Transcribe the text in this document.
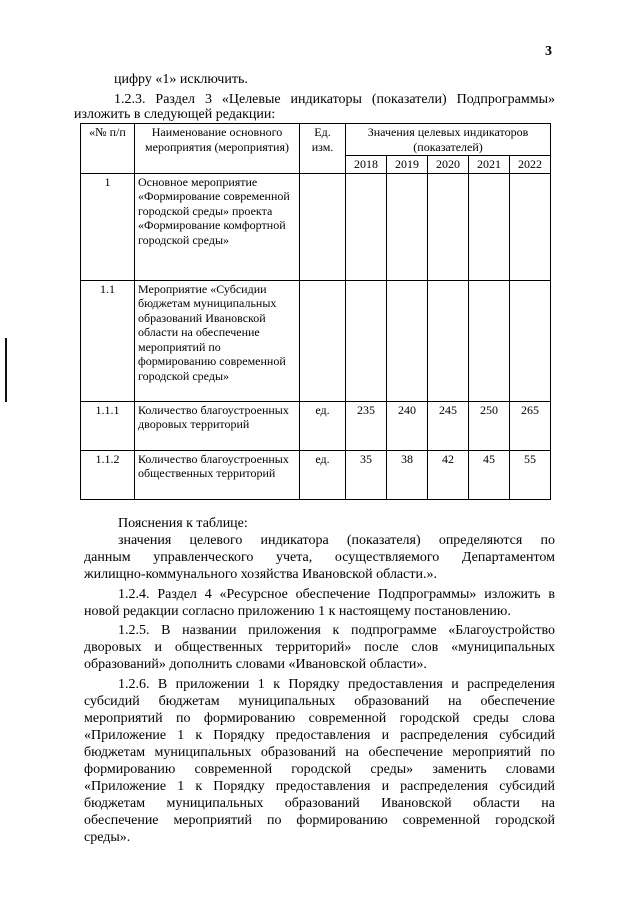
3

цифру «1» исключить.

1.2.3. Раздел 3 «Целевые индикаторы (показатели) Подпрограммы»

изложить в следующей редакции:

«№ п/п	Наименование основного мероприятия (мероприятия)	Ед. изм.	Значения целевых индикаторов (показателей)				
			2018	2019	2020	2021	2022
1	Основное мероприятие «Формирование современной городской среды» проекта «Формирование комфортной городской среды»						
1.1	Мероприятие «Субсидии бюджетам муниципальных образований Ивановской области на обеспечение мероприятий по формированию современной городской среды»						
1.1.1	Количество благоустроенных дворовых территорий	ед.	235	240	245	250	265
1.1.2	Количество благоустроенных общественных территорий	ед.	35	38	42	45	55

Пояснения к таблице:

значения целевого индикатора (показателя) определяются по

данным управленческого учета, осуществляемого Департаментом

жилищно-коммунального хозяйства Ивановской области.».

1.2.4. Раздел 4 «Ресурсное обеспечение Подпрограммы» изложить в

новой редакции согласно приложению 1 к настоящему постановлению.

1.2.5. В названии приложения к подпрограмме «Благоустройство

дворовых и общественных территорий» после слов «муниципальных

образований» дополнить словами «Ивановской области».

1.2.6. В приложении 1 к Порядку предоставления и распределения

субсидий бюджетам муниципальных образований на обеспечение

мероприятий по формированию современной городской среды слова

«Приложение 1 к Порядку предоставления и распределения субсидий

бюджетам муниципальных образований на обеспечение мероприятий по

формированию современной городской среды» заменить словами

«Приложение 1 к Порядку предоставления и распределения субсидий

бюджетам муниципальных образований Ивановской области на

обеспечение мероприятий по формированию современной городской

среды».
